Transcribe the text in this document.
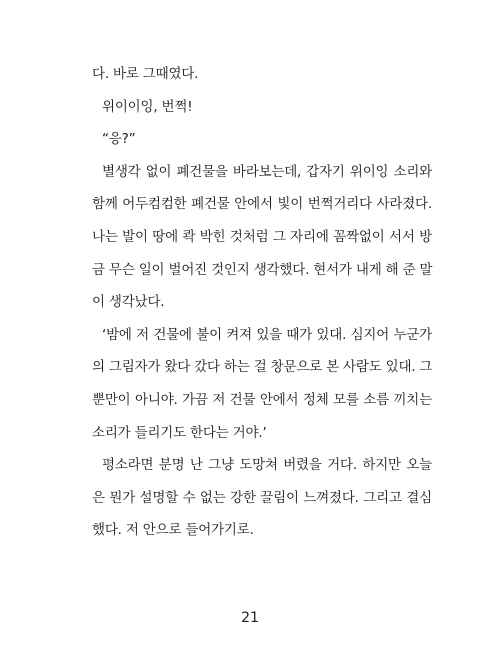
다. 바로 그때였다.
위이이잉, 번쩍!
“응?”
별생각 없이 폐건물을 바라보는데, 갑자기 위이잉 소리와
함께 어두컴컴한 폐건물 안에서 빛이 번쩍거리다 사라졌다.
나는 발이 땅에 콱 박힌 것처럼 그 자리에 꼼짝없이 서서 방
금 무슨 일이 벌어진 것인지 생각했다. 현서가 내게 해 준 말
이 생각났다.
‘밤에 저 건물에 불이 켜져 있을 때가 있대. 심지어 누군가
의 그림자가 왔다 갔다 하는 걸 창문으로 본 사람도 있대. 그
뿐만이 아니야. 가끔 저 건물 안에서 정체 모를 소름 끼치는
소리가 들리기도 한다는 거야.’
평소라면 분명 난 그냥 도망쳐 버렸을 거다. 하지만 오늘
은 뭔가 설명할 수 없는 강한 끌림이 느껴졌다. 그리고 결심
했다. 저 안으로 들어가기로.
21
